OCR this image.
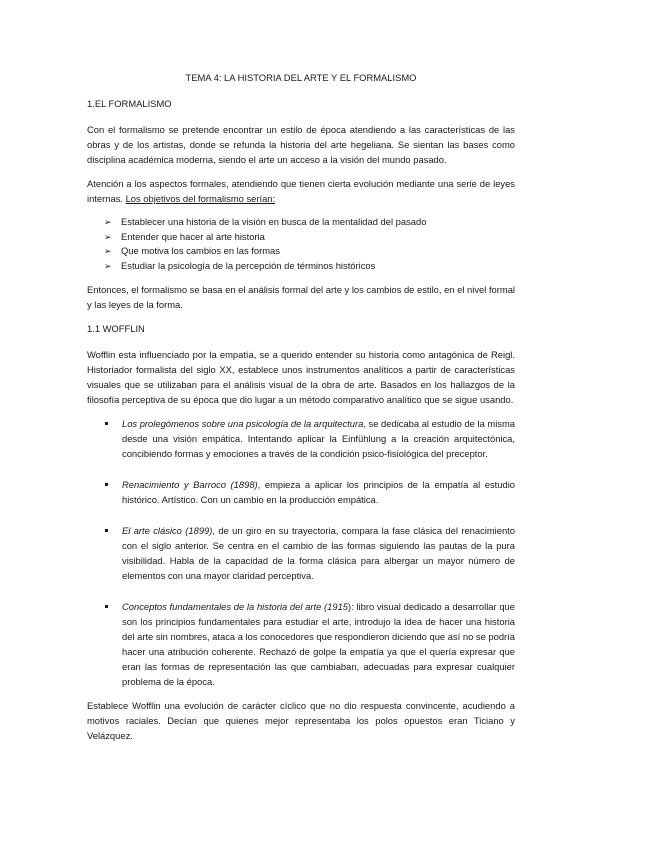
TEMA 4: LA HISTORIA DEL ARTE Y EL FORMALISMO
1.EL FORMALISMO

Con el formalismo se pretende encontrar un estilo de época atendiendo a las características de las obras y de los artistas, donde se refunda la historia del arte hegeliana. Se sientan las bases como disciplina académica moderna, siendo el arte un acceso a la visión del mundo pasado.

Atención a los aspectos formales, atendiendo que tienen cierta evolución mediante una serie de leyes internas. Los objetivos del formalismo serían:

➢ Establecer una historia de la visión en busca de la mentalidad del pasado
➢ Entender que hacer al arte historia
➢ Que motiva los cambios en las formas
➢ Estudiar la psicología de la percepción de términos históricos

Entonces, el formalismo se basa en el análisis formal del arte y los cambios de estilo, en el nivel formal y las leyes de la forma.

1.1 WOFFLIN

Wofflin esta influenciado por la empatía, se a querido entender su historia como antagónica de Reigl. Historiador formalista del siglo XX, establece unos instrumentos analíticos a partir de características visuales que se utilizaban para el análisis visual de la obra de arte. Basados en los hallazgos de la filosofía perceptiva de su época que dio lugar a un método comparativo analítico que se sigue usando.

Los prolegómenos sobre una psicología de la arquitectura, se dedicaba al estudio de la misma desde una visión empática. Intentando aplicar la Einfühlung a la creación arquitectónica, concibiendo formas y emociones a través de la condición psico-fisiológica del preceptor.
Renacimiento y Barroco (1898), empieza a aplicar los principios de la empatía al estudio histórico. Artístico. Con un cambio en la producción empática.
El arte clásico (1899), de un giro en su trayectoria, compara la fase clásica del renacimiento con el siglo anterior. Se centra en el cambio de las formas siguiendo las pautas de la pura visibilidad. Habla de la capacidad de la forma clásica para albergar un mayor número de elementos con una mayor claridad perceptiva.
Conceptos fundamentales de la historia del arte (1915): libro visual dedicado a desarrollar que son los principios fundamentales para estudiar el arte, introdujo la idea de hacer una historia del arte sin nombres, ataca a los conocedores que respondieron diciendo que así no se podría hacer una atribución coherente. Rechazó de golpe la empatía ya que el quería expresar que eran las formas de representación las que cambiaban, adecuadas para expresar cualquier problema de la época.

Establece Wofflin una evolución de carácter cíclico que no dio respuesta convincente, acudiendo a motivos raciales. Decían que quienes mejor representaba los polos opuestos eran Ticiano y Velázquez.
